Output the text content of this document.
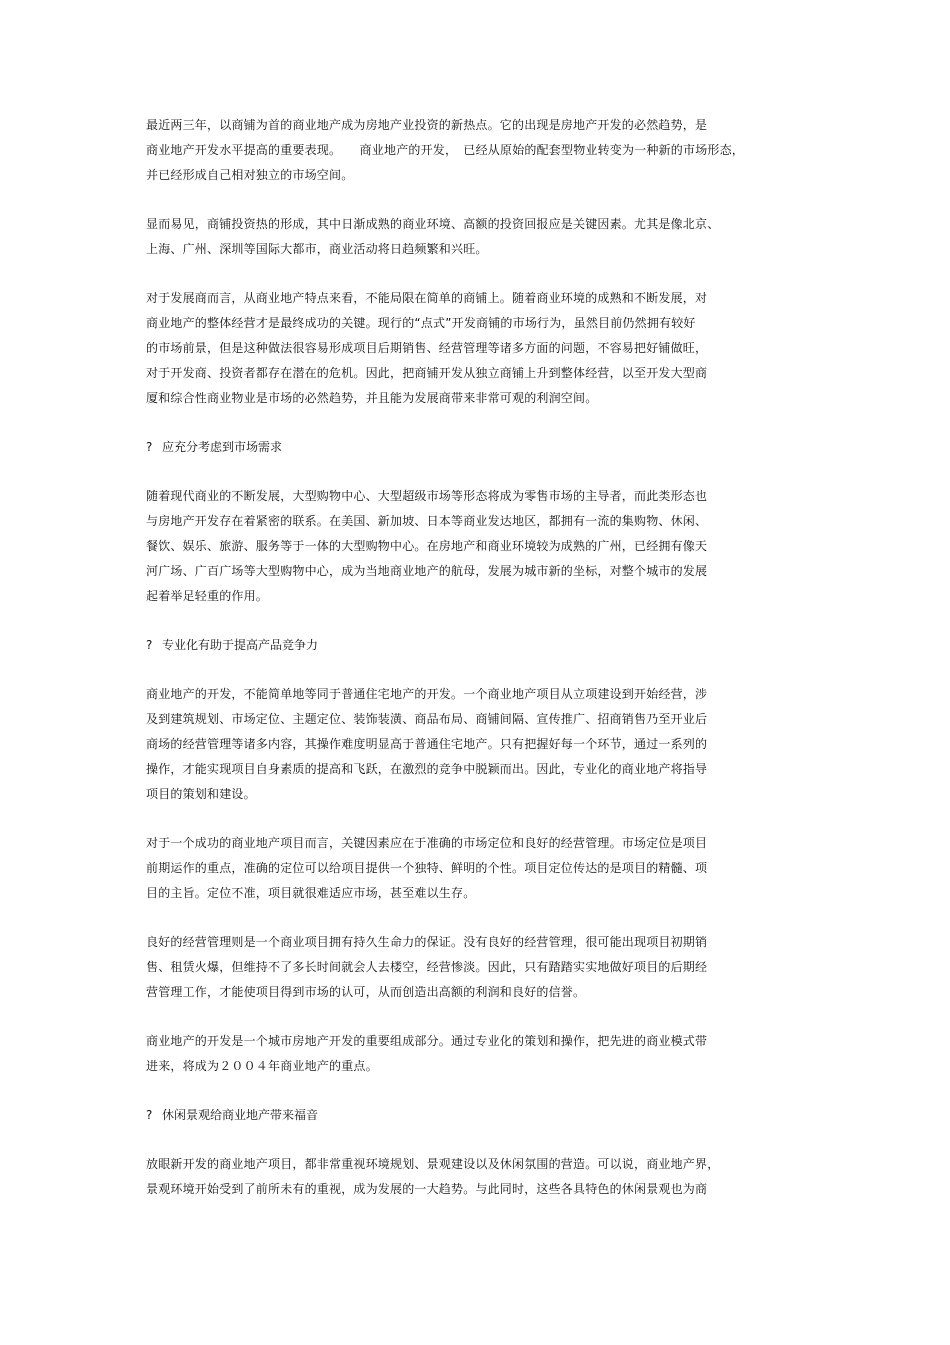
最近两三年，以商铺为首的商业地产成为房地产业投资的新热点。它的出现是房地产开发的必然趋势，是
商业地产开发水平提高的重要表现。　　商业地产的开发，　已经从原始的配套型物业转变为一种新的市场形态，
并已经形成自己相对独立的市场空间。
显而易见，商铺投资热的形成，其中日渐成熟的商业环境、高额的投资回报应是关键因素。尤其是像北京、
上海、广州、深圳等国际大都市，商业活动将日趋频繁和兴旺。
对于发展商而言，从商业地产特点来看，不能局限在简单的商铺上。随着商业环境的成熟和不断发展，对
商业地产的整体经营才是最终成功的关键。现行的“点式”开发商铺的市场行为，虽然目前仍然拥有较好
的市场前景，但是这种做法很容易形成项目后期销售、经营管理等诸多方面的问题，不容易把好铺做旺，
对于开发商、投资者都存在潜在的危机。因此，把商铺开发从独立商铺上升到整体经营，以至开发大型商
厦和综合性商业物业是市场的必然趋势，并且能为发展商带来非常可观的利润空间。
? 应充分考虑到市场需求
随着现代商业的不断发展，大型购物中心、大型超级市场等形态将成为零售市场的主导者，而此类形态也
与房地产开发存在着紧密的联系。在美国、新加坡、日本等商业发达地区，都拥有一流的集购物、休闲、
餐饮、娱乐、旅游、服务等于一体的大型购物中心。在房地产和商业环境较为成熟的广州，已经拥有像天
河广场、广百广场等大型购物中心，成为当地商业地产的航母，发展为城市新的坐标，对整个城市的发展
起着举足轻重的作用。
? 专业化有助于提高产品竞争力
商业地产的开发，不能简单地等同于普通住宅地产的开发。一个商业地产项目从立项建设到开始经营，涉
及到建筑规划、市场定位、主题定位、装饰装潢、商品布局、商铺间隔、宣传推广、招商销售乃至开业后
商场的经营管理等诸多内容，其操作难度明显高于普通住宅地产。只有把握好每一个环节，通过一系列的
操作，才能实现项目自身素质的提高和飞跃，在激烈的竞争中脱颖而出。因此，专业化的商业地产将指导
项目的策划和建设。
对于一个成功的商业地产项目而言，关键因素应在于准确的市场定位和良好的经营管理。市场定位是项目
前期运作的重点，准确的定位可以给项目提供一个独特、鲜明的个性。项目定位传达的是项目的精髓、项
目的主旨。定位不准，项目就很难适应市场，甚至难以生存。
良好的经营管理则是一个商业项目拥有持久生命力的保证。没有良好的经营管理，很可能出现项目初期销
售、租赁火爆，但维持不了多长时间就会人去楼空，经营惨淡。因此，只有踏踏实实地做好项目的后期经
营管理工作，才能使项目得到市场的认可，从而创造出高额的利润和良好的信誉。
商业地产的开发是一个城市房地产开发的重要组成部分。通过专业化的策划和操作，把先进的商业模式带
进来，将成为２００４年商业地产的重点。
? 休闲景观给商业地产带来福音
放眼新开发的商业地产项目，都非常重视环境规划、景观建设以及休闲氛围的营造。可以说，商业地产界，
景观环境开始受到了前所未有的重视，成为发展的一大趋势。与此同时，这些各具特色的休闲景观也为商
